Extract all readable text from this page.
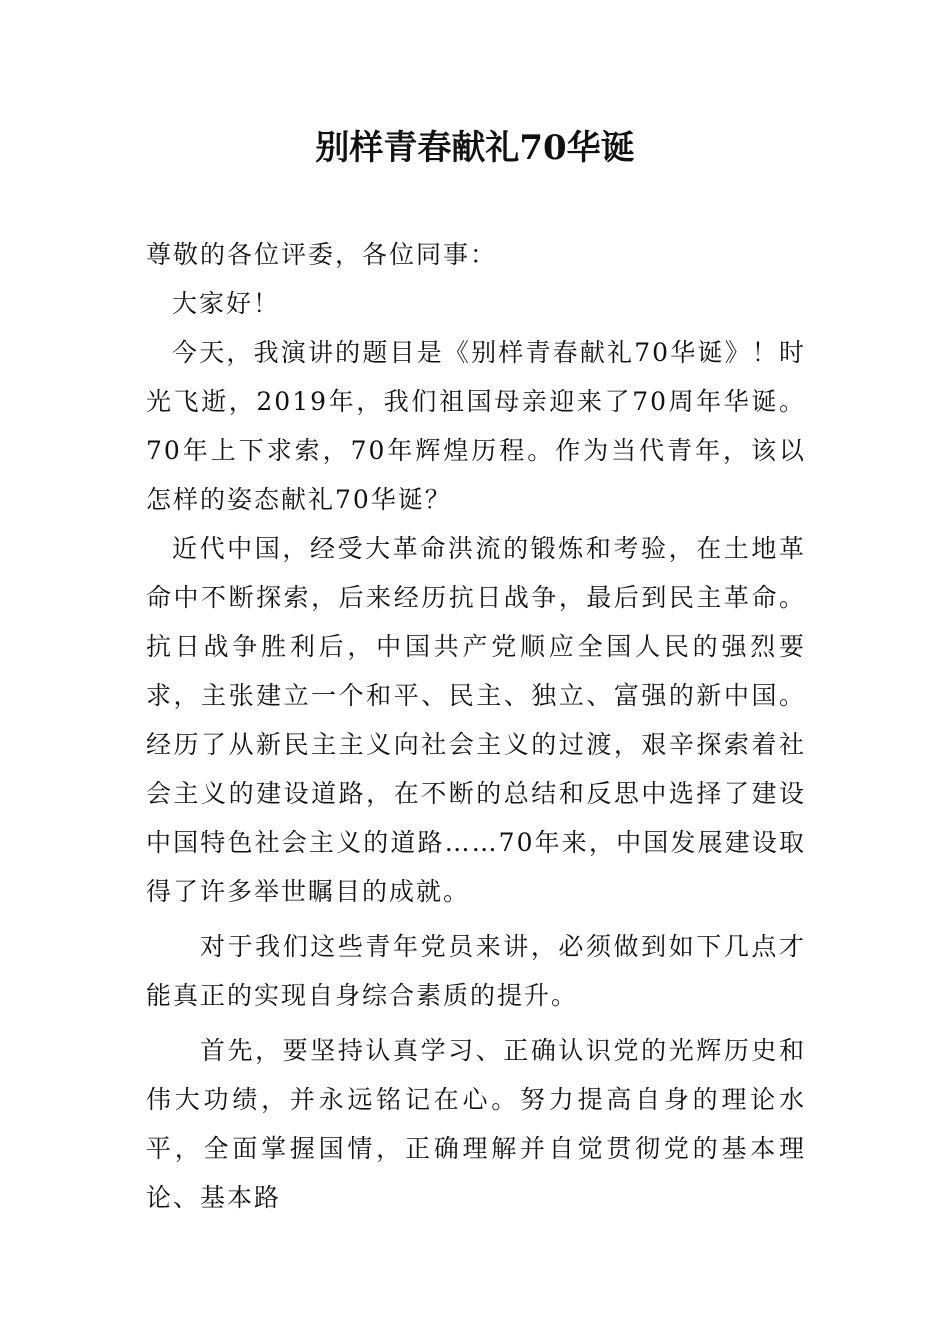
别样青春献礼70华诞

尊敬的各位评委，各位同事：

大家好！

今天，我演讲的题目是《别样青春献礼70华诞》！时光飞逝，2019年，我们祖国母亲迎来了70周年华诞。70年上下求索，70年辉煌历程。作为当代青年，该以怎样的姿态献礼70华诞？

近代中国，经受大革命洪流的锻炼和考验，在土地革命中不断探索，后来经历抗日战争，最后到民主革命。抗日战争胜利后，中国共产党顺应全国人民的强烈要求，主张建立一个和平、民主、独立、富强的新中国。经历了从新民主主义向社会主义的过渡，艰辛探索着社会主义的建设道路，在不断的总结和反思中选择了建设中国特色社会主义的道路……70年来，中国发展建设取得了许多举世瞩目的成就。

对于我们这些青年党员来讲，必须做到如下几点才能真正的实现自身综合素质的提升。

首先，要坚持认真学习、正确认识党的光辉历史和伟大功绩，并永远铭记在心。努力提高自身的理论水平，全面掌握国情，正确理解并自觉贯彻党的基本理论、基本路
